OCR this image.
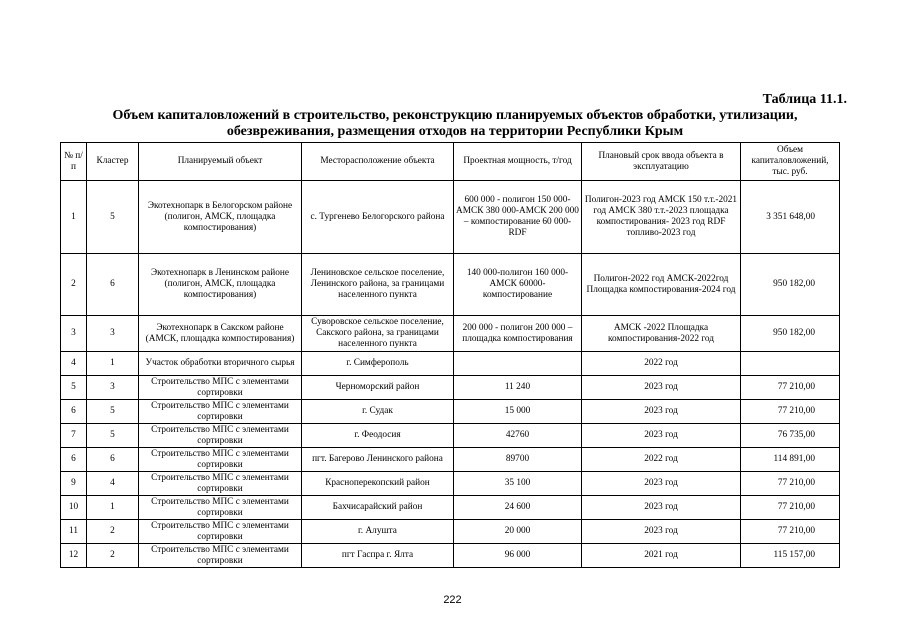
Таблица 11.1.
Объем капиталовложений в строительство, реконструкцию планируемых объектов обработки, утилизации,
обезвреживания, размещения отходов на территории Республики Крым
№ п/ п	Кластер	Планируемый объект	Месторасположение объекта	Проектная мощность, т/год	Плановый срок ввода объекта в эксплуатацию	Объем капиталовложений, тыс. руб.
1	5	Экотехнопарк в Белогорском районе (полигон, АМСК, площадка компостирования)	с. Тургенево Белогорского района	600 000 - полигон 150 000-АМСК 380 000-АМСК 200 000 – компостирование 60 000-RDF	Полигон-2023 год АМСК 150 т.т.-2021 год АМСК 380 т.т.-2023 площадка компостирования- 2023 год RDF топливо-2023 год	3 351 648,00
2	6	Экотехнопарк в Ленинском районе (полигон, АМСК, площадка компостирования)	Лениновское сельское поселение, Ленинского района, за границами населенного пункта	140 000-полигон 160 000-АМСК 60000- компостирование	Полигон-2022 год АМСК-2022год Площадка компостирования-2024 год	950 182,00
3	3	Экотехнопарк в Сакском районе (АМСК, площадка компостирования)	Суворовское сельское поселение, Сакского района, за границами населенного пункта	200 000 - полигон 200 000 – площадка компостирования	АМСК -2022 Площадка компостирования-2022 год	950 182,00
4	1	Участок обработки вторичного сырья	г. Симферополь		2022 год	
5	3	Строительство МПС с элементами сортировки	Черноморский район	11 240	2023 год	77 210,00
6	5	Строительство МПС с элементами сортировки	г. Судак	15 000	2023 год	77 210,00
7	5	Строительство МПС с элементами сортировки	г. Феодосия	42760	2023 год	76 735,00
6	6	Строительство МПС с элементами сортировки	пгт. Багерово Ленинского района	89700	2022 год	114 891,00
9	4	Строительство МПС с элементами сортировки	Красноперекопский район	35 100	2023 год	77 210,00
10	1	Строительство МПС с элементами сортировки	Бахчисарайский район	24 600	2023 год	77 210,00
11	2	Строительство МПС с элементами сортировки	г. Алушта	20 000	2023 год	77 210,00
12	2	Строительство МПС с элементами сортировки	пгт Гаспра г. Ялта	96 000	2021 год	115 157,00
222
